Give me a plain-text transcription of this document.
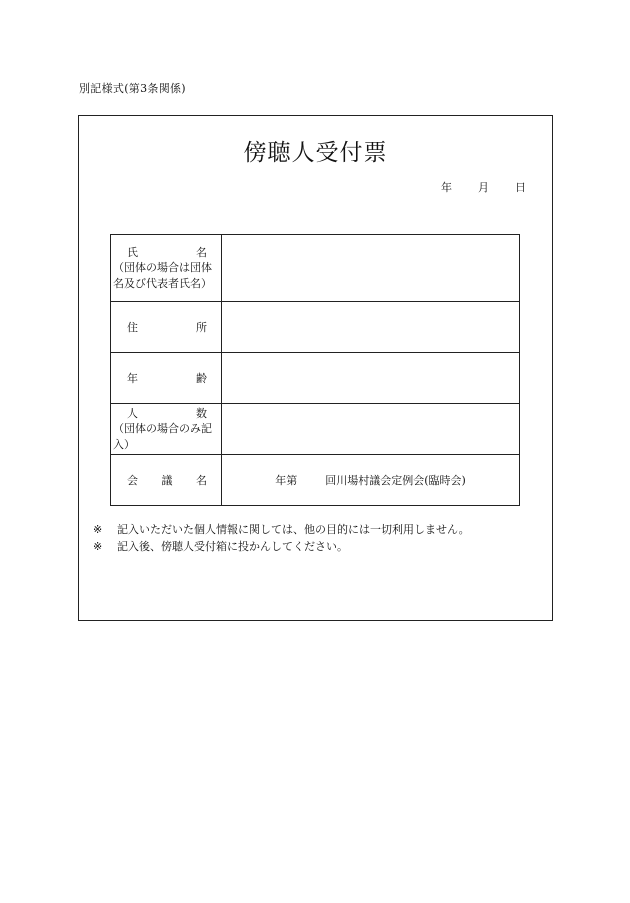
別記様式(第3条関係)
傍聴人受付票
年 月 日
氏 名
（団体の場合は団体名及び代表者氏名）	

住 所	

年 齢	

人 数
（団体の場合のみ記入）	

会 議 名	年第 回川場村議会定例会(臨時会)
※	記入いただいた個人情報に関しては、他の目的には一切利用しません。
※	記入後、傍聴人受付箱に投かんしてください。
